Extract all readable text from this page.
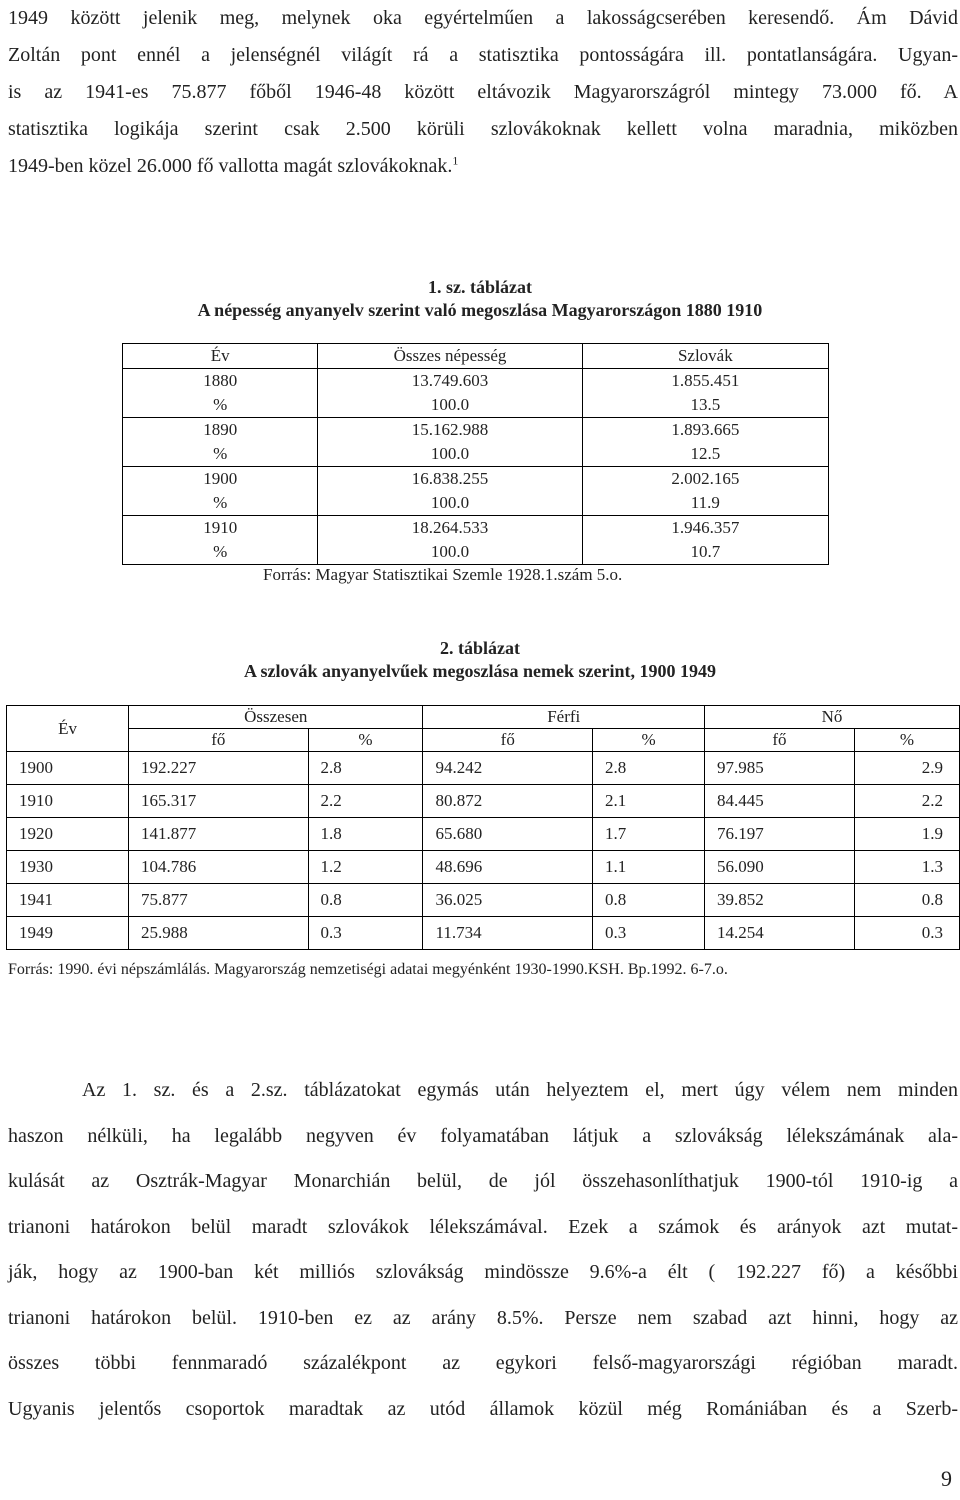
1949 között jelenik meg, melynek oka egyértelműen a lakosságcserében keresendő. Ám Dávid
Zoltán pont ennél a jelenségnél világít rá a statisztika pontosságára ill. pontatlanságára. Ugyan-
is az 1941-es 75.877 főből 1946-48 között eltávozik Magyarországról mintegy 73.000 fő. A
statisztika logikája szerint csak 2.500 körüli szlovákoknak kellett volna maradnia, miközben
1949-ben közel 26.000 fő vallotta magát szlovákoknak.$^1$
1. sz. táblázat
A népesség anyanyelv szerint való megoszlása Magyarországon 1880 1910
Év	Összes népesség	Szlovák
1880	13.749.603	1.855.451
%	100.0	13.5
1890	15.162.988	1.893.665
%	100.0	12.5
1900	16.838.255	2.002.165
%	100.0	11.9
1910	18.264.533	1.946.357
%	100.0	10.7
Forrás: Magyar Statisztikai Szemle 1928.1.szám 5.o.
2. táblázat
A szlovák anyanyelvűek megoszlása nemek szerint, 1900 1949
Év	Összesen		Férfi		Nő	
	fő	%	fő	%	fő	%
1900	192.227	2.8	94.242	2.8	97.985	2.9
1910	165.317	2.2	80.872	2.1	84.445	2.2
1920	141.877	1.8	65.680	1.7	76.197	1.9
1930	104.786	1.2	48.696	1.1	56.090	1.3
1941	75.877	0.8	36.025	0.8	39.852	0.8
1949	25.988	0.3	11.734	0.3	14.254	0.3
Forrás: 1990. évi népszámlálás. Magyarország nemzetiségi adatai megyénként 1930-1990.KSH. Bp.1992. 6-7.o.
Az 1. sz. és a 2.sz. táblázatokat egymás után helyeztem el, mert úgy vélem nem minden
haszon nélküli, ha legalább negyven év folyamatában látjuk a szlovákság lélekszámának ala-
kulását az Osztrák-Magyar Monarchián belül, de jól összehasonlíthatjuk 1900-tól 1910-ig a
trianoni határokon belül maradt szlovákok lélekszámával. Ezek a számok és arányok azt mutat-
ják, hogy az 1900-ban két milliós szlovákság mindössze 9.6%-a élt ( 192.227 fő) a későbbi
trianoni határokon belül. 1910-ben ez az arány 8.5%. Persze nem szabad azt hinni, hogy az
összes többi fennmaradó százalékpont az egykori felső-magyarországi régióban maradt.
Ugyanis jelentős csoportok maradtak az utód államok közül még Romániában és a Szerb-
9
